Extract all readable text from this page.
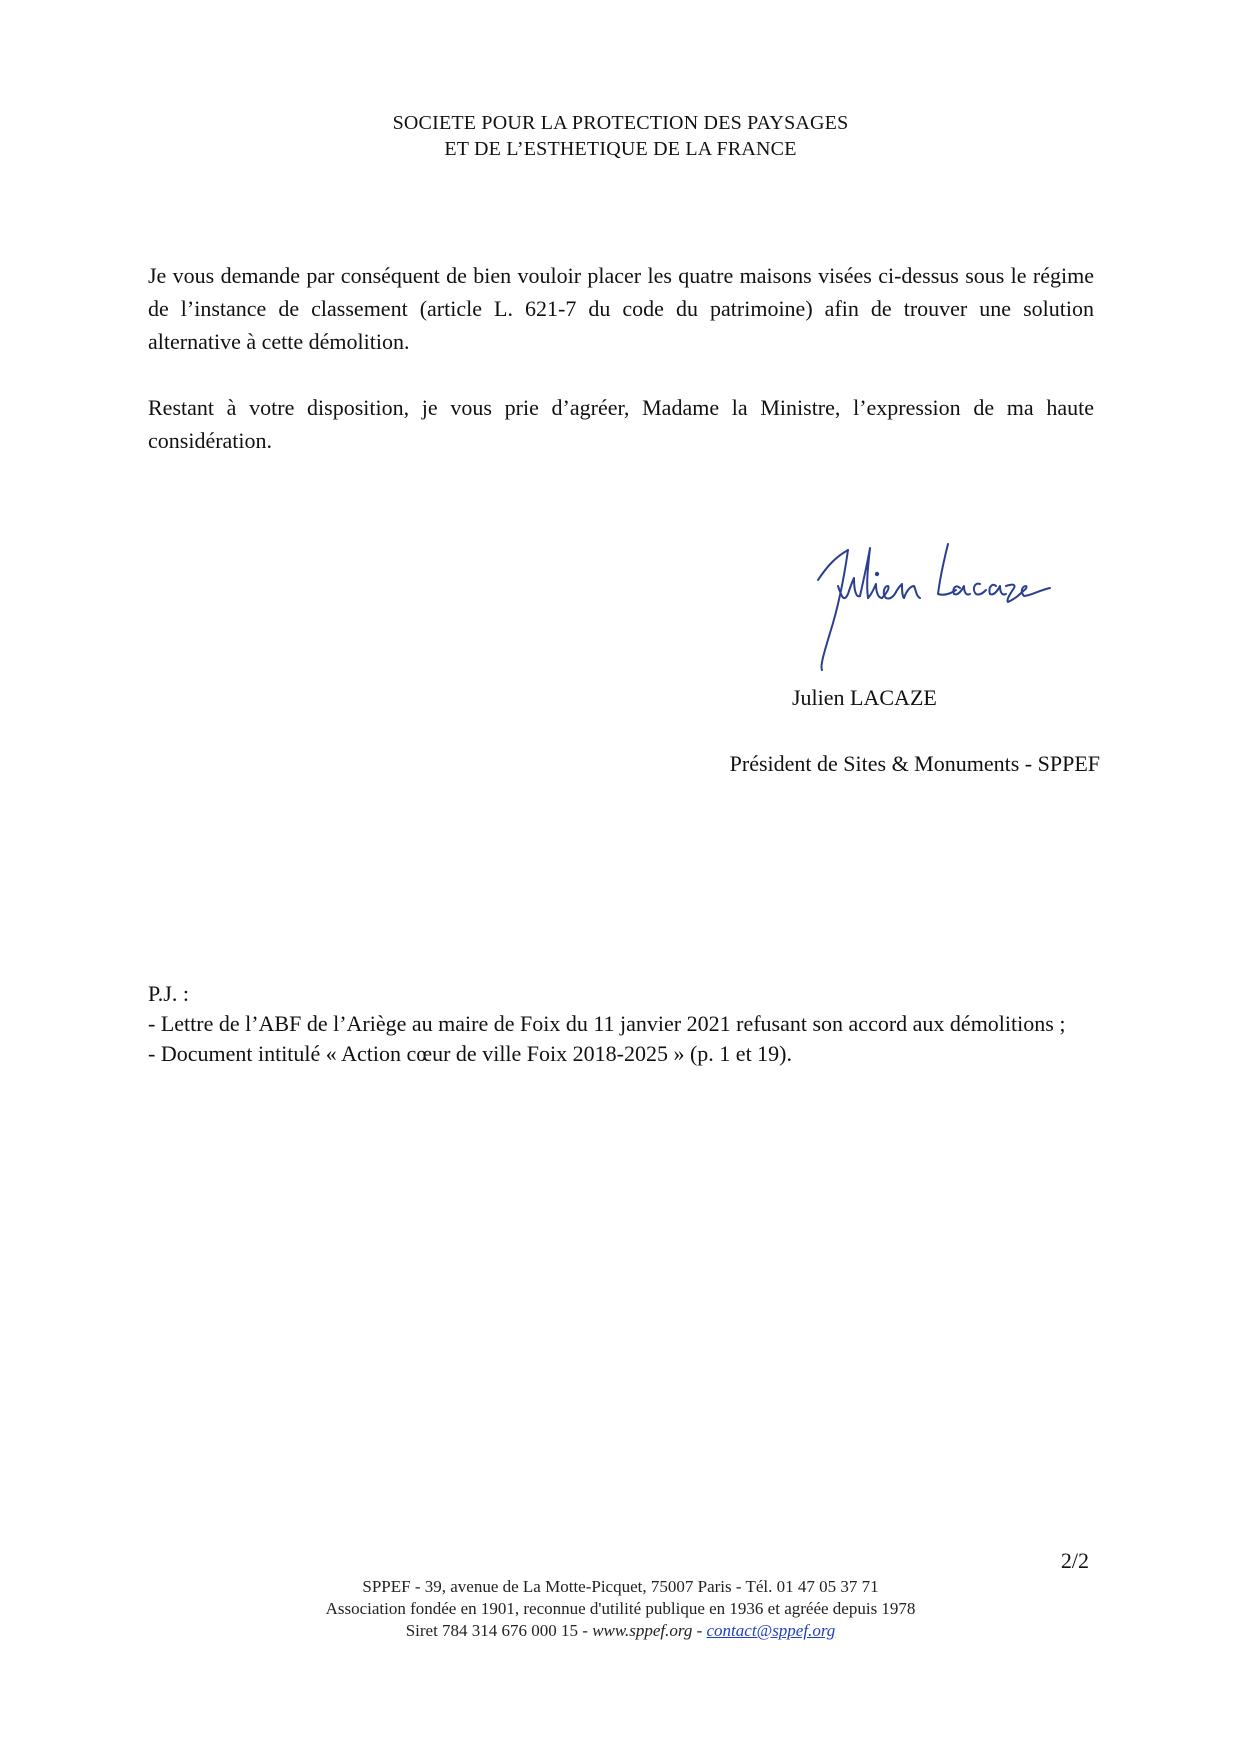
SOCIETE POUR LA PROTECTION DES PAYSAGES
ET DE L’ESTHETIQUE DE LA FRANCE
Je vous demande par conséquent de bien vouloir placer les quatre maisons visées ci-dessus sous le régime de l’instance de classement (article L. 621-7 du code du patrimoine) afin de trouver une solution alternative à cette démolition.
Restant à votre disposition, je vous prie d’agréer, Madame la Ministre, l’expression de ma haute considération.
Julien LACAZE
Président de Sites & Monuments - SPPEF
P.J. :
- Lettre de l’ABF de l’Ariège au maire de Foix du 11 janvier 2021 refusant son accord aux démolitions ;
- Document intitulé « Action cœur de ville Foix 2018-2025 » (p. 1 et 19).
2/2
SPPEF - 39, avenue de La Motte-Picquet, 75007 Paris - Tél. 01 47 05 37 71
Association fondée en 1901, reconnue d'utilité publique en 1936 et agréée depuis 1978
Siret 784 314 676 000 15 - www.sppef.org - contact@sppef.org
